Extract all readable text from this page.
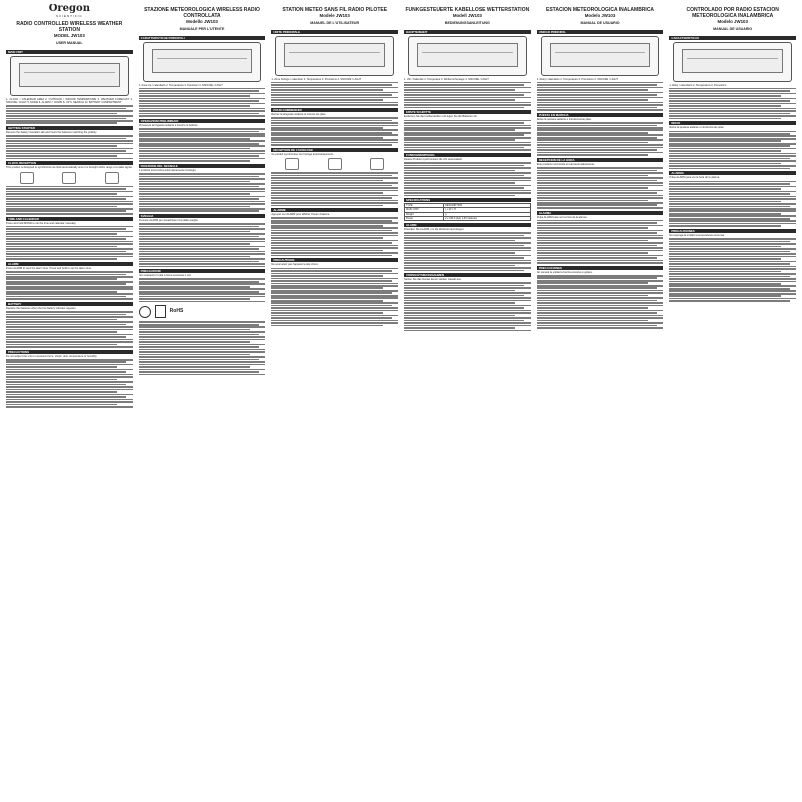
Oregon
SCIENTIFIC
RADIO CONTROLLED WIRELESS WEATHER STATION
MODEL JW103
USER MANUAL
MAIN UNIT
1. CLOCK / CALENDAR AREA 2. OUTDOOR / INDOOR TEMPERATURE 3. WEATHER FORECAST 4. SNOOZE / LIGHT 5. MODE 6. ALARM 7. DOWN 8. UP 9. SEARCH 10. BATTERY COMPARTMENT
GETTING STARTED
Remove the battery insulation tab and insert the batteries matching the polarity.
CLOCK RECEPTION
This product is designed to synchronize its clock automatically once it is brought within range of a radio signal.
TIME AND CALENDAR
Press and hold MODE to set the time and calendar manually.
ALARM
Press ALARM to view the alarm time. Press and hold to set the alarm time.
BATTERY
Replace the batteries when the low battery indicator appears.
PRECAUTIONS
Do not subject the unit to excessive force, shock, dust, temperature or humidity.
STAZIONE METEOROLOGICA WIRELESS RADIO CONTROLLATA
Modello JW103
MANUALE PER L'UTENTE
CARATTERISTICHE PRINCIPALI
1. Area ora / calendario 2. Temperatura 3. Previsioni 4. SNOOZE / LIGHT
OPERAZIONI PRELIMINARI
Rimuovere la linguetta isolante e inserire le batterie.
RICEZIONE DEL SEGNALE
Il prodotto sincronizza automaticamente l'orologio.
SVEGLIA
Premere ALARM per visualizzare l'ora della sveglia.
PRECAUZIONI
Non sottoporre l'unita a forza eccessiva o urti.
RoHS
STATION METEO SANS FIL RADIO PILOTEE
Modele JW103
MANUEL DE L'UTILISATEUR
UNITE PRINCIPALE
1. Zone horloge / calendrier 2. Temperature 3. Previsions 4. SNOOZE / LIGHT
POUR COMMENCER
Retirez la languette isolante et inserez les piles.
RECEPTION DE L'HORLOGE
Ce produit synchronise son horloge automatiquement.
ALARME
Appuyez sur ALARM pour afficher l'heure d'alarme.
PRECAUTIONS
Ne soumettez pas l'appareil a des chocs.
FUNKGESTEUERTE KABELLOSE WETTERSTATION
Modell JW103
BEDIENUNGSANLEITUNG
HAUPTEINHEIT
1. Uhr / Kalender 2. Temperatur 3. Wettervorhersage 4. SNOOZE / LIGHT
ERSTE SCHRITTE
Entfernen Sie den Isolierstreifen und legen Sie die Batterien ein.
FUNKUHREMPFANG
Dieses Produkt synchronisiert die Uhr automatisch.
SPECIFICATIONS
TYPE	DESCRIPTION
MAIN UNIT	L x W x H
Weight	g
Power	2 x UM-3 (AA) 1.5V batteries
ALARM
Druecken Sie ALARM, um die Weckzeit anzuzeigen.
VORSICHTSMASSNAHMEN
Setzen Sie das Geraet keiner starken Gewalt aus.
ESTACION METEOROLOGICA INALAMBRICA
Modelo JW103
MANUAL DE USUARIO
UNIDAD PRINCIPAL
1. Reloj / calendario 2. Temperatura 3. Pronostico 4. SNOOZE / LIGHT
PUESTA EN MARCHA
Retire la pestana aislante e introduzca las pilas.
RECEPCION DE LA HORA
Este producto sincroniza el reloj automaticamente.
ALARMA
Pulse ALARM para ver la hora de la alarma.
PRECAUCIONES
No someta la unidad a fuerza excesiva o golpes.
CONTROLADO POR RADIO ESTACION METEOROLOGICA INALAMBRICA
Modelo JW103
MANUAL DE USUARIO
CARACTERISTICAS
1. Reloj / calendario 2. Temperatura 3. Pronostico
INICIO
Retire la pestana aislante e introduzca las pilas.
ALARMA
Pulse ALARM para ver la hora de la alarma.
PRECAUCIONES
No exponga la unidad a temperaturas extremas.
